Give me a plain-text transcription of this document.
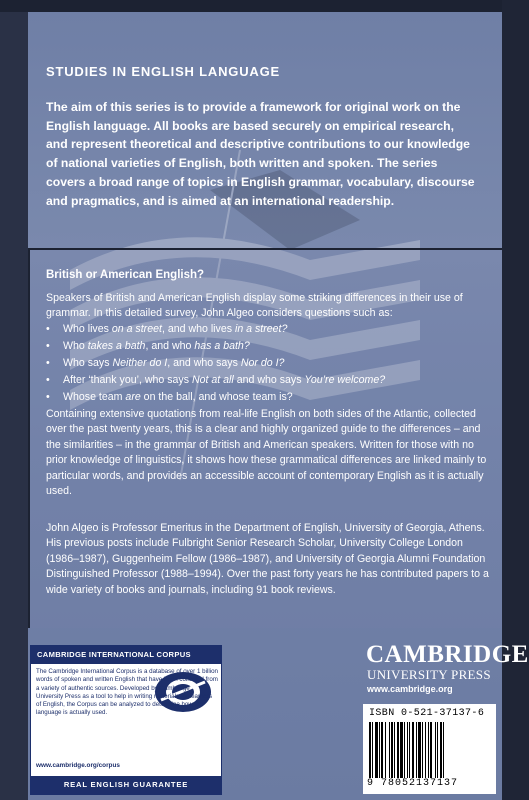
STUDIES IN ENGLISH LANGUAGE

The aim of this series is to provide a framework for original work on the English language. All books are based securely on empirical research, and represent theoretical and descriptive contributions to our knowledge of national varieties of English, both written and spoken. The series covers a broad range of topics in English grammar, vocabulary, discourse and pragmatics, and is aimed at an international readership.

British or American English?

Speakers of British and American English display some striking differences in their use of grammar. In this detailed survey, John Algeo considers questions such as:

• Who lives on a street, and who lives in a street?
• Who takes a bath, and who has a bath?
• Who says Neither do I, and who says Nor do I?
• After ‘thank you’, who says Not at all and who says You’re welcome?
• Whose team are on the ball, and whose team is?

Containing extensive quotations from real-life English on both sides of the Atlantic, collected over the past twenty years, this is a clear and highly organized guide to the differences – and the similarities – in the grammar of British and American speakers. Written for those with no prior knowledge of linguistics, it shows how these grammatical differences are linked mainly to particular words, and provides an accessible account of contemporary English as it is actually used.

John Algeo is Professor Emeritus in the Department of English, University of Georgia, Athens. His previous posts include Fulbright Senior Research Scholar, University College London (1986–1987), Guggenheim Fellow (1986–1987), and University of Georgia Alumni Foundation Distinguished Professor (1988–1994). Over the past forty years he has contributed papers to a wide variety of books and journals, including 91 book reviews.

CAMBRIDGE INTERNATIONAL CORPUS

The Cambridge International Corpus is a database of over 1 billion words of spoken and written English that have been collected from a variety of authentic sources. Developed by Cambridge University Press as a tool to help in writing materials for learners of English, the Corpus can be analyzed to determine how the language is actually used.

www.cambridge.org/corpus
REAL ENGLISH GUARANTEE
CAMBRIDGE
UNIVERSITY PRESS
www.cambridge.org
ISBN 0-521-37137-6
9 78052137137
